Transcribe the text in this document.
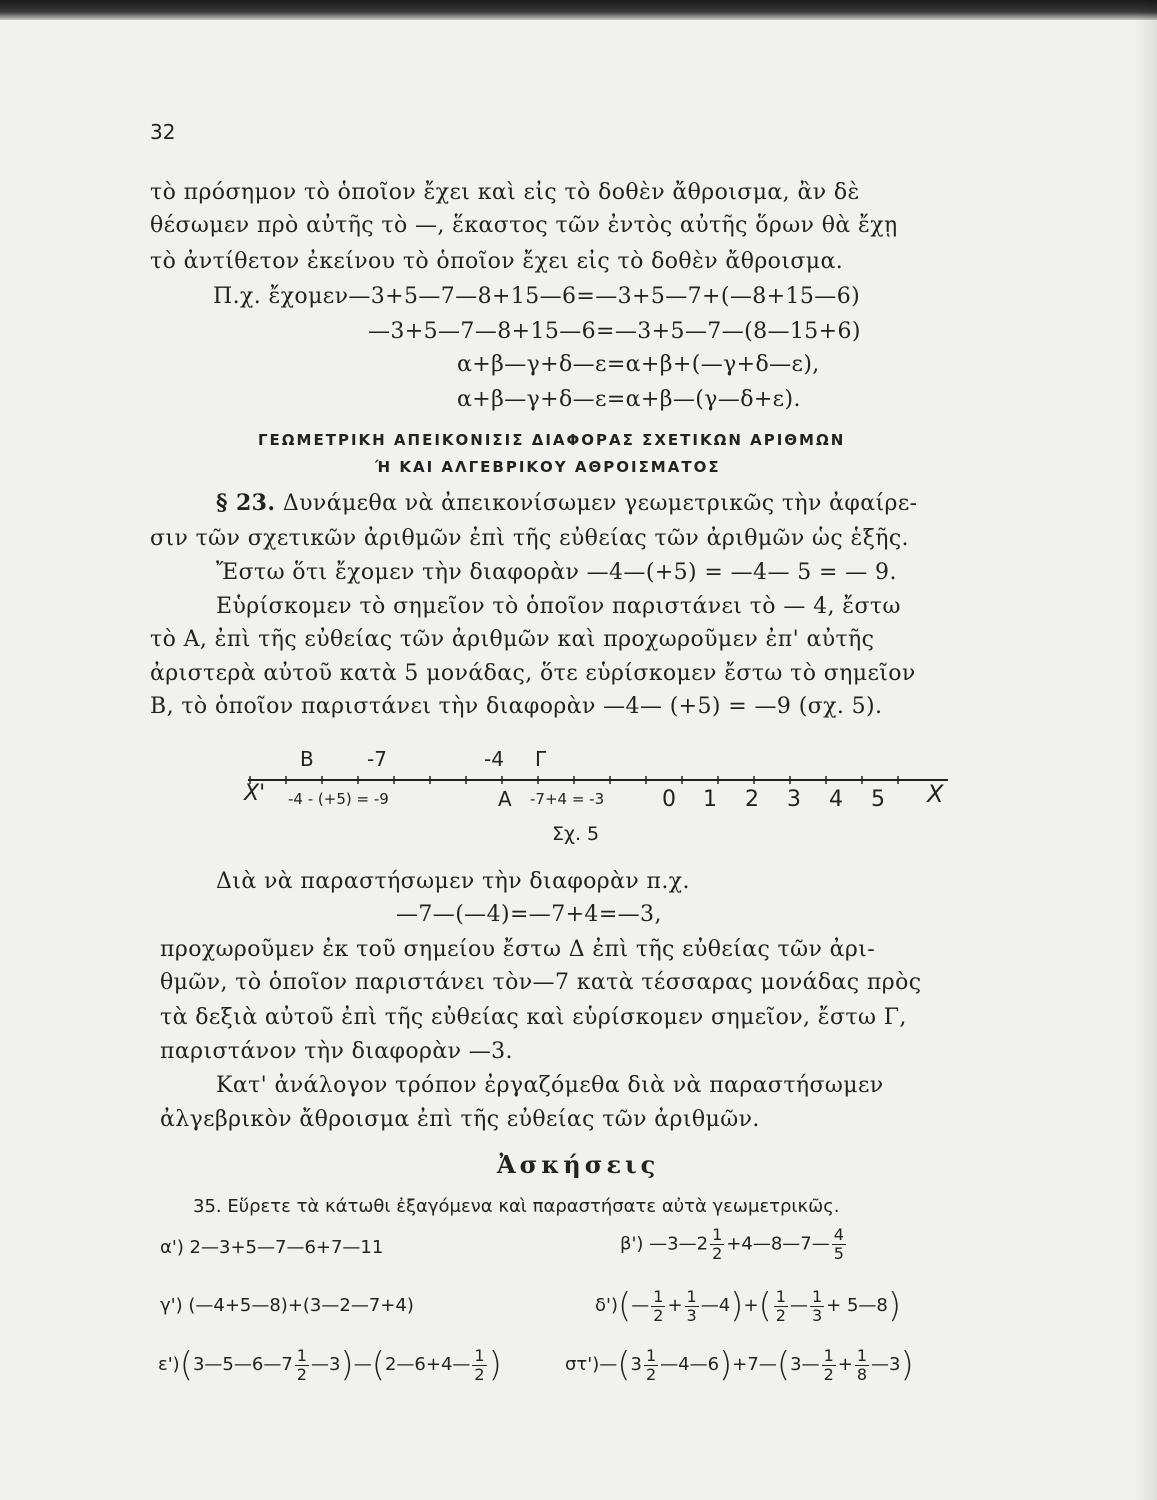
32
τὸ πρόσημον τὸ ὁποῖον ἔχει καὶ εἰς τὸ δοθὲν ἄθροισμα, ἂν δὲ
θέσωμεν πρὸ αὐτῆς τὸ —, ἕκαστος τῶν ἐντὸς αὐτῆς ὅρων θὰ ἔχῃ
τὸ ἀντίθετον ἐκείνου τὸ ὁποῖον ἔχει εἰς τὸ δοθὲν ἄθροισμα.
Π.χ. ἔχομεν—3+5—7—8+15—6=—3+5—7+(—8+15—6)
—3+5—7—8+15—6=—3+5—7—(8—15+6)
α+β—γ+δ—ε=α+β+(—γ+δ—ε),
α+β—γ+δ—ε=α+β—(γ—δ+ε).
ΓΕΩΜΕΤΡΙΚΗ ΑΠΕΙΚΟΝΙΣΙΣ ΔΙΑΦΟΡΑΣ ΣΧΕΤΙΚΩΝ ΑΡΙΘΜΩΝ
Ή ΚΑΙ ΑΛΓΕΒΡΙΚΟΥ ΑΘΡΟΙΣΜΑΤΟΣ
§ 23. Δυνάμεθα νὰ ἀπεικονίσωμεν γεωμετρικῶς τὴν ἀφαίρε-
σιν τῶν σχετικῶν ἀριθμῶν ἐπὶ τῆς εὐθείας τῶν ἀριθμῶν ὡς ἑξῆς.
Ἔστω ὅτι ἔχομεν τὴν διαφορὰν —4—(+5) = —4— 5 = — 9.
Εὑρίσκομεν τὸ σημεῖον τὸ ὁποῖον παριστάνει τὸ — 4, ἔστω
τὸ Α, ἐπὶ τῆς εὐθείας τῶν ἀριθμῶν καὶ προχωροῦμεν ἐπ' αὐτῆς
ἀριστερὰ αὐτοῦ κατὰ 5 μονάδας, ὅτε εὑρίσκομεν ἔστω τὸ σημεῖον
Β, τὸ ὁποῖον παριστάνει τὴν διαφορὰν —4— (+5) = —9 (σχ. 5).
Β	-7	-4 Γ
X' -4 - (+5) = -9	Α -7+4 = -3	0 1 2 3 4 5 X
Σχ. 5
Διὰ νὰ παραστήσωμεν τὴν διαφορὰν π.χ.
—7—(—4)=—7+4=—3,
προχωροῦμεν ἐκ τοῦ σημείου ἔστω Δ ἐπὶ τῆς εὐθείας τῶν ἀρι-
θμῶν, τὸ ὁποῖον παριστάνει τὸν—7 κατὰ τέσσαρας μονάδας πρὸς
τὰ δεξιὰ αὐτοῦ ἐπὶ τῆς εὐθείας καὶ εὑρίσκομεν σημεῖον, ἔστω Γ,
παριστάνον τὴν διαφορὰν —3.
Κατ' ἀνάλογον τρόπον ἐργαζόμεθα διὰ νὰ παραστήσωμεν
ἀλγεβρικὸν ἄθροισμα ἐπὶ τῆς εὐθείας τῶν ἀριθμῶν.
Ἀσκήσεις
35. Εὕρετε τὰ κάτωθι ἐξαγόμενα καὶ παραστήσατε αὐτὰ γεωμετρικῶς.
α') 2—3+5—7—6+7—11	β') —3—2 $\frac{1}{2}$ +4—8—7— $\frac{4}{5}$
γ') (—4+5—8)+(3—2—7+4)	δ')(— $\frac{1}{2} + \frac{1}{3}$ —4)+( $\frac{1}{2}$ — $\frac{1}{3}$ + 5—8)
ε')(3—5—6—7 $\frac{1}{2}$ —3)—(2—6+4— $\frac{1}{2}$ )	στ')—(3 $\frac{1}{2}$ —4—6)+7—(3— $\frac{1}{2} + \frac{1}{8}$ —3)
